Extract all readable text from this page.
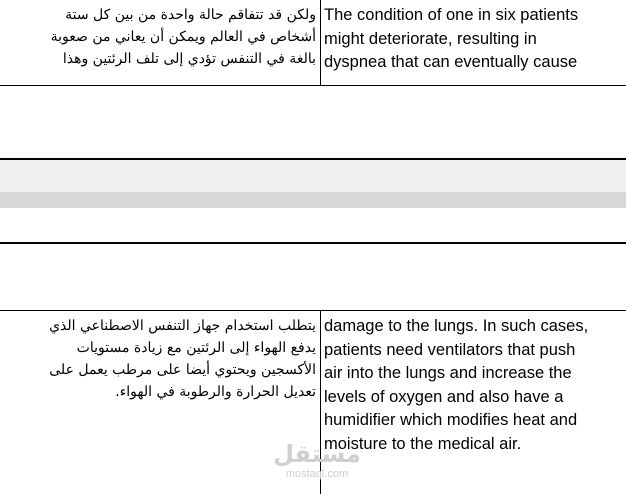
ولكن قد تتفاقم حالة واحدة من بين كل ستة
أشخاص في العالم ويمكن أن يعاني من صعوبة
بالغة في التنفس تؤدي إلى تلف الرئتين وهذا

The condition of one in six patients
might deteriorate, resulting in
dyspnea that can eventually cause
يتطلب استخدام جهاز التنفس الاصطناعي الذي
يدفع الهواء إلى الرئتين مع زيادة مستويات
الأكسجين ويحتوي أيضا على مرطب يعمل على
تعديل الحرارة والرطوبة في الهواء.

damage to the lungs. In such cases,
patients need ventilators that push
air into the lungs and increase the
levels of oxygen and also have a
humidifier which modifies heat and
moisture to the medical air.
مستقل
mostaql.com
